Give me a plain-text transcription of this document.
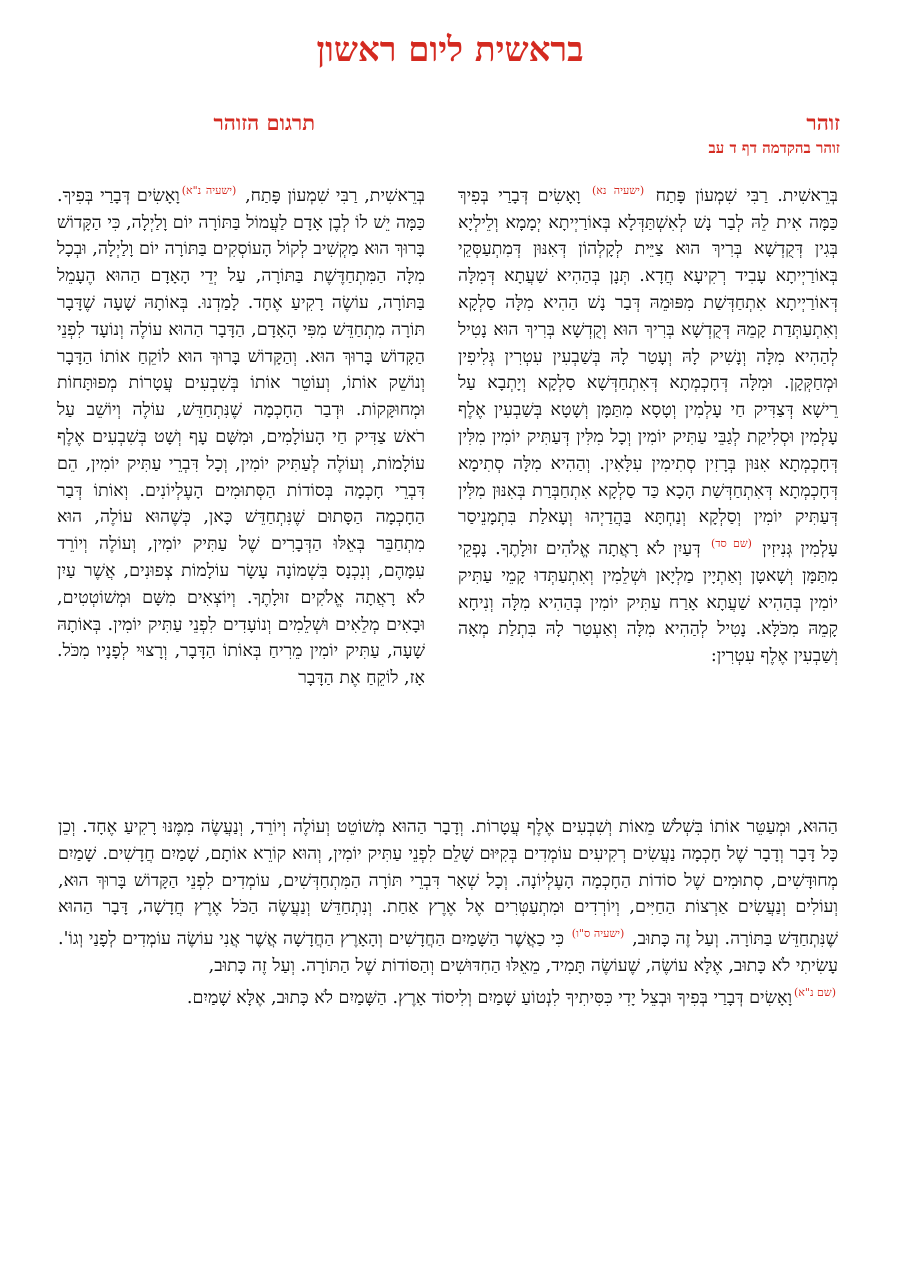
בראשית ליום ראשון
זוהר
תרגום הזוהר
זוהר בהקדמה דף ד עב

בְּרֵאשִׁית. רַבִּי שִׁמְעוֹן פָּתַח $^{(ישעיה נא)}$ וָאָשִׂים דְּבָרַי בְּפִיךְ כַּמָּה אִית לֵהּ לְבַר נָשׁ לְאִשְׁתַּדְּלָא בְּאוֹרַיְיתָא יְמָמָא וְלֵילְיָא בְּגִין דְּקֻדְשָׁא בְּרִיךְ הוּא צַיֵּית לְקָלְהוֹן דְּאִנּוּן דְּמִתְעַסְּקֵי בְּאוֹרַיְיתָא עָבִיד רְקִיעָא חֲדָא. תְּנָן בְּהַהִיא שַׁעֲתָא דְּמִלָּה דְּאוֹרַיְיתָא אִתְחַדְּשַׁת מִפּוּמֵהּ דְּבַר נָשׁ הַהִיא מִלָּה סַלְקָא וְאִתְעַתְּדַת קָמֵהּ דְּקֻדְשָׁא בְּרִיךְ הוּא וְקֻדְשָׁא בְּרִיךְ הוּא נָטִיל לְהַהִיא מִלָּה וְנָשִׁיק לָהּ וְעָטַר לָהּ בְּשַׁבְעִין עִטְרִין גְּלִיפִין וּמְחַקְּקָן. וּמִלָּה דְּחָכְמְתָא דְּאִתְחַדְּשָׁא סַלְקָא וְיָתְבָא עַל רֵישָׁא דְּצַדִּיק חַי עָלְמִין וְטָסָא מִתַּמָּן וְשָׁטָא בְּשַׁבְעִין אֶלֶף עָלְמִין וּסְלִיקַת לְגַבֵּי עַתִּיק יוֹמִין וְכָל מִלִּין דְּעַתִּיק יוֹמִין מִלִּין דְּחָכְמְתָא אִנּוּן בְּרָזִין סְתִימִין עִלָּאִין. וְהַהִיא מִלָּה סְתִימָא דְּחָכְמְתָא דְּאִתְחַדְּשַׁת הָכָא כַּד סַלְקָא אִתְחַבְּרַת בְּאִנּוּן מִלִּין דְּעַתִּיק יוֹמִין וְסַלְקָא וְנַחְתָּא בַּהֲדַיְהוּ וְעָאלַת בִּתְמָנֵיסַר עָלְמִין גְּנִיזִין $^{(שם סד)}$ דְּעַיִן לֹא רָאֲתָה אֱלֹהִים זוּלָתֶךָ. נָפְקֵי מִתַּמָּן וְשָׁאטָן וְאַתְיָין מַלְיָאן וּשְׁלֵמִין וְאִתְעַתְּדוּ קָמֵי עַתִּיק יוֹמִין בְּהַהִיא שַׁעֲתָא אָרַח עַתִּיק יוֹמִין בְּהַהִיא מִלָּה וְנִיחָא קָמֵהּ מִכֹּלָּא. נָטִיל לְהַהִיא מִלָּה וְאַעְטַר לָהּ בִּתְלַת מְאָה וְשַׁבְעִין אֶלֶף עִטְרִין:

בְּרֵאשִׁית, רַבִּי שִׁמְעוֹן פָּתַח, $^{(ישעיה נ"א)}$וָאָשִׂים דְּבָרַי בְּפִיךָ. כַּמָּה יֵשׁ לוֹ לְבֶן אָדָם לַעֲמוֹל בַּתּוֹרָה יוֹם וָלַיְלָה, כִּי הַקָּדוֹשׁ בָּרוּךְ הוּא מַקְשִׁיב לְקוֹל הָעוֹסְקִים בַּתּוֹרָה יוֹם וָלַיְלָה, וּבְכָל מִלָּה הַמִּתְחַדֶּשֶׁת בַּתּוֹרָה, עַל יְדֵי הָאָדָם הַהוּא הֶעָמֵל בַּתּוֹרָה, עוֹשֶׂה רָקִיעַ אֶחָד. לָמַדְנוּ. בְּאוֹתָהּ שָׁעָה שֶׁדָּבָר תּוֹרָה מִתְחַדֵּשׁ מִפִּי הָאָדָם, הַדָּבָר הַהוּא עוֹלֶה וְנוֹעָד לִפְנֵי הַקָּדוֹשׁ בָּרוּךְ הוּא. וְהַקָּדוֹשׁ בָּרוּךְ הוּא לוֹקֵחַ אוֹתוֹ הַדָּבָר וְנוֹשֵׁק אוֹתוֹ, וְעוֹטֵר אוֹתוֹ בְּשִׁבְעִים עֲטָרוֹת מְפוּתָּחוֹת וּמְחוּקָּקוֹת. וּדְבַר הַחָכְמָה שֶׁנִּתְחַדֵּשׁ, עוֹלֶה וְיוֹשֵׁב עַל רֹאשׁ צַדִּיק חַי הָעוֹלָמִים, וּמִשָּׁם עָף וְשָׁט בְּשִׁבְעִים אֶלֶף עוֹלָמוֹת, וְעוֹלֶה לְעַתִּיק יוֹמִין, וְכָל דִּבְרֵי עַתִּיק יוֹמִין, הֵם דִּבְרֵי חָכְמָה בְּסוֹדוֹת הַסְּתוּמִים הָעֶלְיוֹנִים. וְאוֹתוֹ דְּבַר הַחָכְמָה הַסָּתוּם שֶׁנִּתְחַדֵּשׁ כָּאן, כְּשֶׁהוּא עוֹלֶה, הוּא מִתְחַבֵּר בְּאֵלּוּ הַדְּבָרִים שֶׁל עַתִּיק יוֹמִין, וְעוֹלֶה וְיוֹרֵד עִמָּהֶם, וְנִכְנָס בִּשְׁמוֹנָה עָשָׂר עוֹלָמוֹת צְפוּנִים, אֲשֶׁר עַיִן לֹא רָאֲתָה אֱלֹקִים זוּלָתֶךָ. וְיוֹצְאִים מִשָּׁם וּמְשׁוֹטְטִים, וּבָאִים מְלֵאִים וּשְׁלֵמִים וְנוֹעָדִים לִפְנֵי עַתִּיק יוֹמִין. בְּאוֹתָהּ שָׁעָה, עַתִּיק יוֹמִין מֵרִיחַ בְּאוֹתוֹ הַדָּבָר, וְרָצוּי לְפָנָיו מִכֹּל. אָז, לוֹקֵחַ אֶת הַדָּבָר

הַהוּא, וּמְעַטֵּר אוֹתוֹ בִּשְׁלֹשׁ מֵאוֹת וְשִׁבְעִים אֶלֶף עֲטָרוֹת. וְדָבָר הַהוּא מְשׁוֹטֵט וְעוֹלֶה וְיוֹרֵד, וְנַעֲשֶׂה מִמֶּנּוּ רָקִיעַ אֶחָד. וְכֵן כָּל דָּבָר וְדָבָר שֶׁל חָכְמָה נַעֲשִׂים רְקִיעִים עוֹמְדִים בְּקִיּוּם שָׁלֵם לִפְנֵי עַתִּיק יוֹמִין, וְהוּא קוֹרֵא אוֹתָם, שָׁמַיִם חֲדָשִׁים. שָׁמַיִם מְחוּדָּשִׁים, סְתוּמִים שֶׁל סוֹדוֹת הַחָכְמָה הָעֶלְיוֹנָה. וְכָל שְׁאָר דִּבְרֵי תּוֹרָה הַמִּתְחַדְּשִׁים, עוֹמְדִים לִפְנֵי הַקָּדוֹשׁ בָּרוּךְ הוּא, וְעוֹלִים וְנַעֲשִׂים אַרְצוֹת הַחַיִּים, וְיוֹרְדִים וּמִתְעַטְּרִים אֶל אֶרֶץ אַחַת. וְנִתְחַדֵּשׁ וְנַעֲשֶׂה הַכֹּל אֶרֶץ חֲדָשָׁה, דָּבָר הַהוּא שֶׁנִּתְחַדֵּשׁ בַּתּוֹרָה. וְעַל זֶה כָּתוּב, $^{(ישעיה ס"ו)}$ כִּי כַאֲשֶׁר הַשָּׁמַיִם הַחֲדָשִׁים וְהָאָרֶץ הַחֲדָשָׁה אֲשֶׁר אֲנִי עוֹשֶׂה עוֹמְדִים לְפָנַי וְגוֹ'. עָשִׂיתִי לֹא כָּתוּב, אֶלָּא עוֹשֶׂה, שֶׁעוֹשֶׂה תָּמִיד, מֵאֵלּוּ הַחִדּוּשִׁים וְהַסּוֹדוֹת שֶׁל הַתּוֹרָה. וְעַל זֶה כָּתוּב,
$^{(שם נ"א)}$וָאָשִׂים דְּבָרַי בְּפִיךָ וּבְצֵל יָדִי כִּסִּיתִיךָ לִנְטוֹעַ שָׁמַיִם וְלִיסוֹד אָרֶץ. הַשָּׁמַיִם לֹא כָּתוּב, אֶלָּא שָׁמַיִם.
